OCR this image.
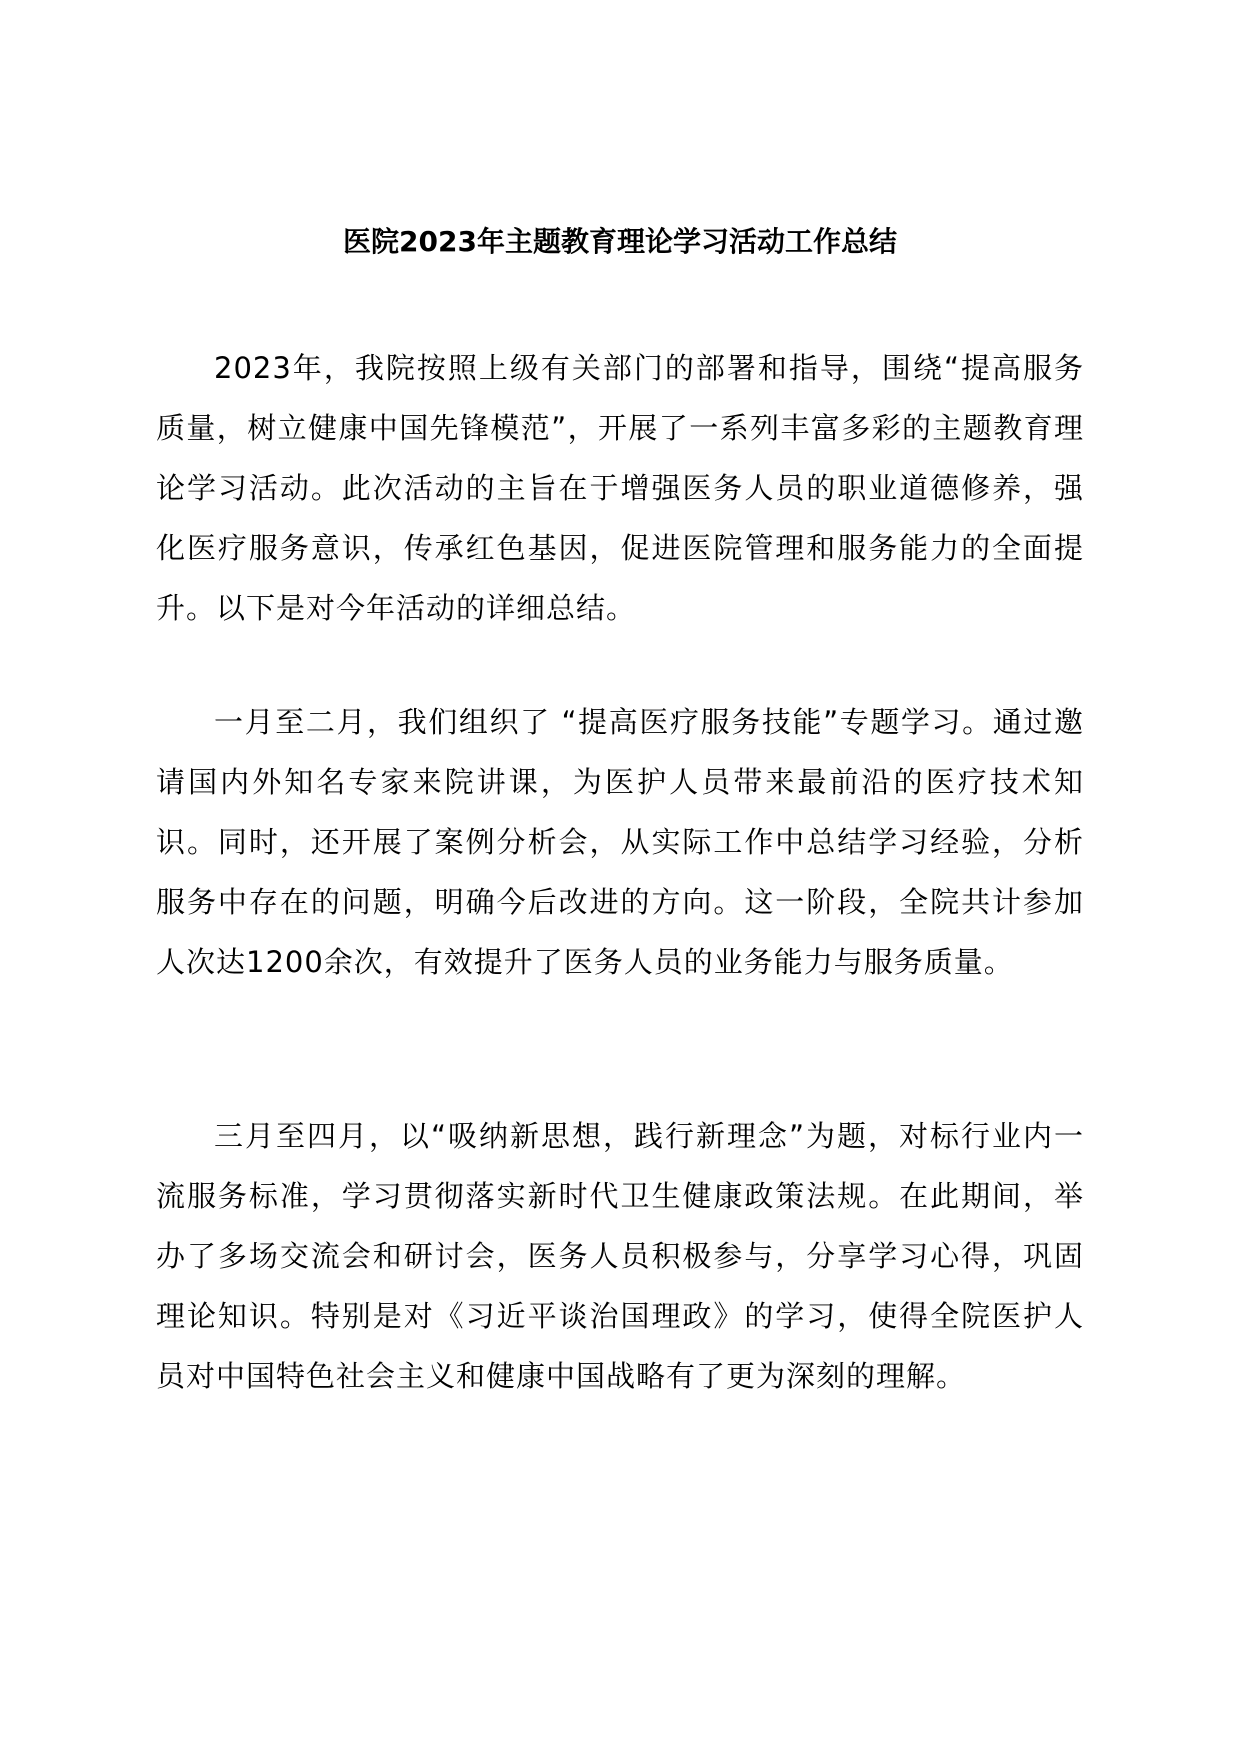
医院2023年主题教育理论学习活动工作总结

2023年，我院按照上级有关部门的部署和指导，围绕“提高服务质量，树立健康中国先锋模范”，开展了一系列丰富多彩的主题教育理论学习活动。此次活动的主旨在于增强医务人员的职业道德修养，强化医疗服务意识，传承红色基因，促进医院管理和服务能力的全面提升。以下是对今年活动的详细总结。

一月至二月，我们组织了 “提高医疗服务技能”专题学习。通过邀请国内外知名专家来院讲课，为医护人员带来最前沿的医疗技术知识。同时，还开展了案例分析会，从实际工作中总结学习经验，分析服务中存在的问题，明确今后改进的方向。这一阶段，全院共计参加人次达1200余次，有效提升了医务人员的业务能力与服务质量。

三月至四月，以“吸纳新思想，践行新理念”为题，对标行业内一流服务标准，学习贯彻落实新时代卫生健康政策法规。在此期间，举办了多场交流会和研讨会，医务人员积极参与，分享学习心得，巩固理论知识。特别是对《习近平谈治国理政》的学习，使得全院医护人员对中国特色社会主义和健康中国战略有了更为深刻的理解。
